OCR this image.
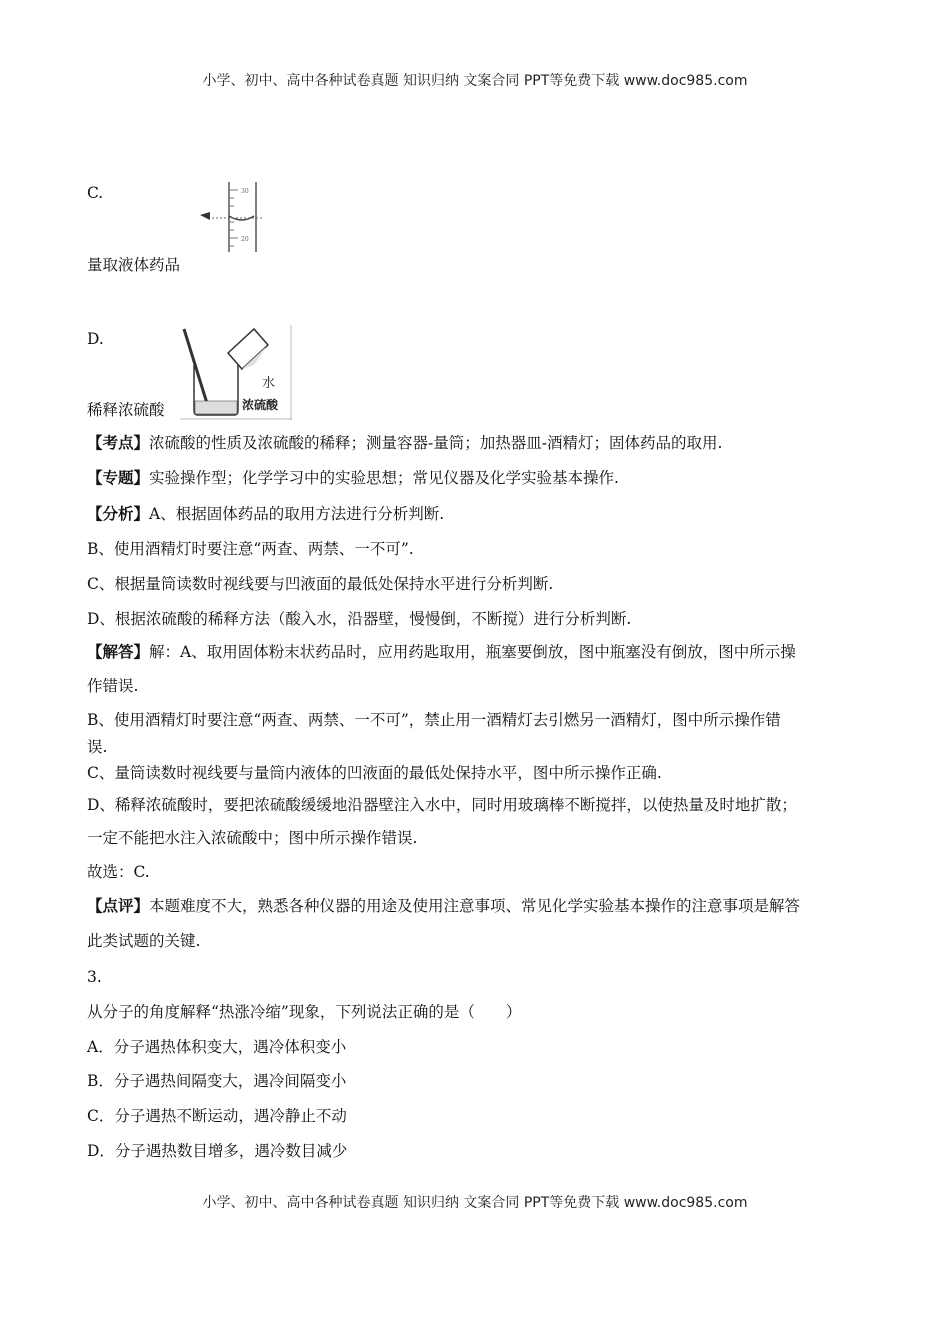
小学、初中、高中各种试卷真题 知识归纳 文案合同 PPT等免费下载 www.doc985.com
C.
量取液体药品
30
20
D.
稀释浓硫酸
水
浓硫酸
【考点】浓硫酸的性质及浓硫酸的稀释；测量容器-量筒；加热器皿-酒精灯；固体药品的取用.
【专题】实验操作型；化学学习中的实验思想；常见仪器及化学实验基本操作.
【分析】A、根据固体药品的取用方法进行分析判断.
B、使用酒精灯时要注意“两查、两禁、一不可”.
C、根据量筒读数时视线要与凹液面的最低处保持水平进行分析判断.
D、根据浓硫酸的稀释方法（酸入水，沿器壁，慢慢倒，不断搅）进行分析判断.
【解答】解：A、取用固体粉末状药品时，应用药匙取用，瓶塞要倒放，图中瓶塞没有倒放，图中所示操
作错误.
B、使用酒精灯时要注意“两查、两禁、一不可”，禁止用一酒精灯去引燃另一酒精灯，图中所示操作错
误.
C、量筒读数时视线要与量筒内液体的凹液面的最低处保持水平，图中所示操作正确.
D、稀释浓硫酸时，要把浓硫酸缓缓地沿器壁注入水中，同时用玻璃棒不断搅拌，以使热量及时地扩散；
一定不能把水注入浓硫酸中；图中所示操作错误.
故选：C.
【点评】本题难度不大，熟悉各种仪器的用途及使用注意事项、常见化学实验基本操作的注意事项是解答
此类试题的关键.
3.
从分子的角度解释“热涨冷缩”现象，下列说法正确的是（　　）
A．分子遇热体积变大，遇冷体积变小
B．分子遇热间隔变大，遇冷间隔变小
C．分子遇热不断运动，遇冷静止不动
D．分子遇热数目增多，遇冷数目减少
小学、初中、高中各种试卷真题 知识归纳 文案合同 PPT等免费下载 www.doc985.com
